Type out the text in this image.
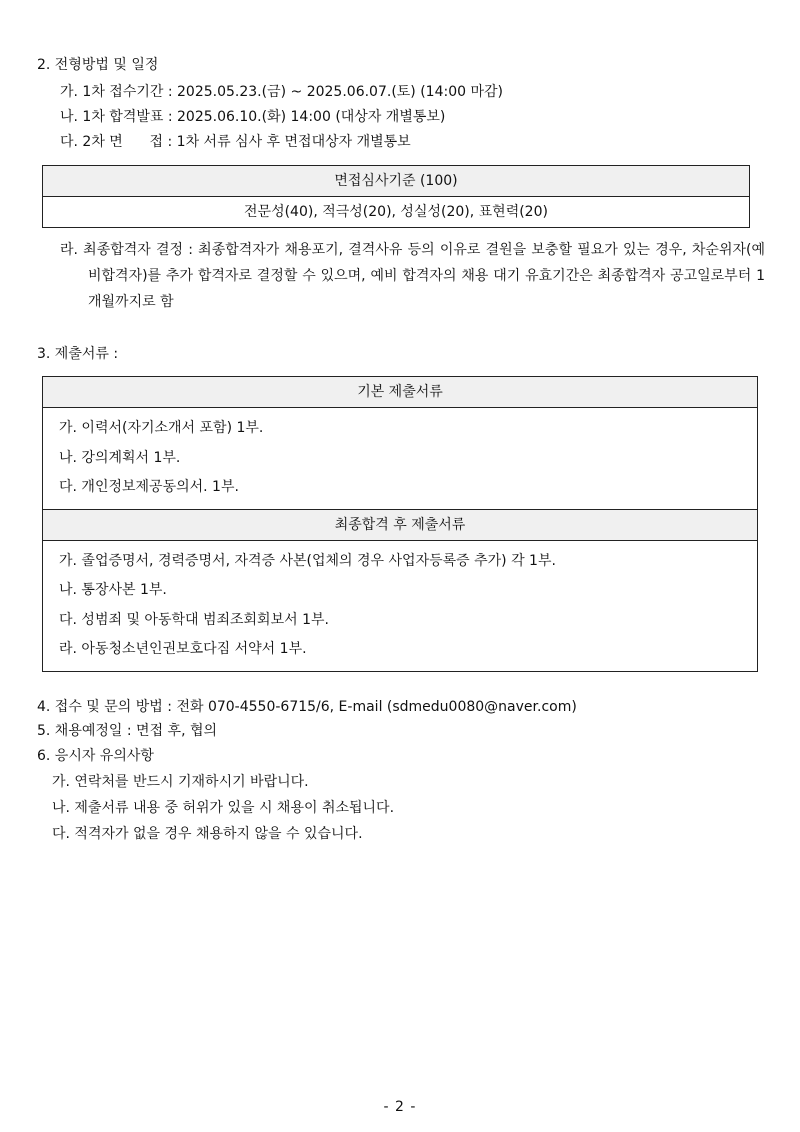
2. 전형방법 및 일정
가. 1차 접수기간 : 2025.05.23.(금) ~ 2025.06.07.(토) (14:00 마감)
나. 1차 합격발표 : 2025.06.10.(화) 14:00 (대상자 개별통보)
다. 2차 면      접 : 1차 서류 심사 후 면접대상자 개별통보
면접심사기준 (100)
전문성(40), 적극성(20), 성실성(20), 표현력(20)
라. 최종합격자 결정 : 최종합격자가 채용포기, 결격사유 등의 이유로 결원을 보충할 필요가 있는 경우, 차순위자(예비합격자)를 추가 합격자로 결정할 수 있으며, 예비 합격자의 채용 대기 유효기간은 최종합격자 공고일로부터 1개월까지로 함
3. 제출서류 :
기본 제출서류

가. 이력서(자기소개서 포함) 1부.
나. 강의계획서 1부.
다. 개인정보제공동의서. 1부.

최종합격 후 제출서류

가. 졸업증명서, 경력증명서, 자격증 사본(업체의 경우 사업자등록증 추가) 각 1부.
나. 통장사본 1부.
다. 성범죄 및 아동학대 범죄조회회보서 1부.
라. 아동청소년인권보호다짐 서약서 1부.
4. 접수 및 문의 방법 : 전화 070-4550-6715/6, E-mail (sdmedu0080@naver.com)
5. 채용예정일 : 면접 후, 협의
6. 응시자 유의사항
가. 연락처를 반드시 기재하시기 바랍니다.
나. 제출서류 내용 중 허위가 있을 시 채용이 취소됩니다.
다. 적격자가 없을 경우 채용하지 않을 수 있습니다.
- 2 -
